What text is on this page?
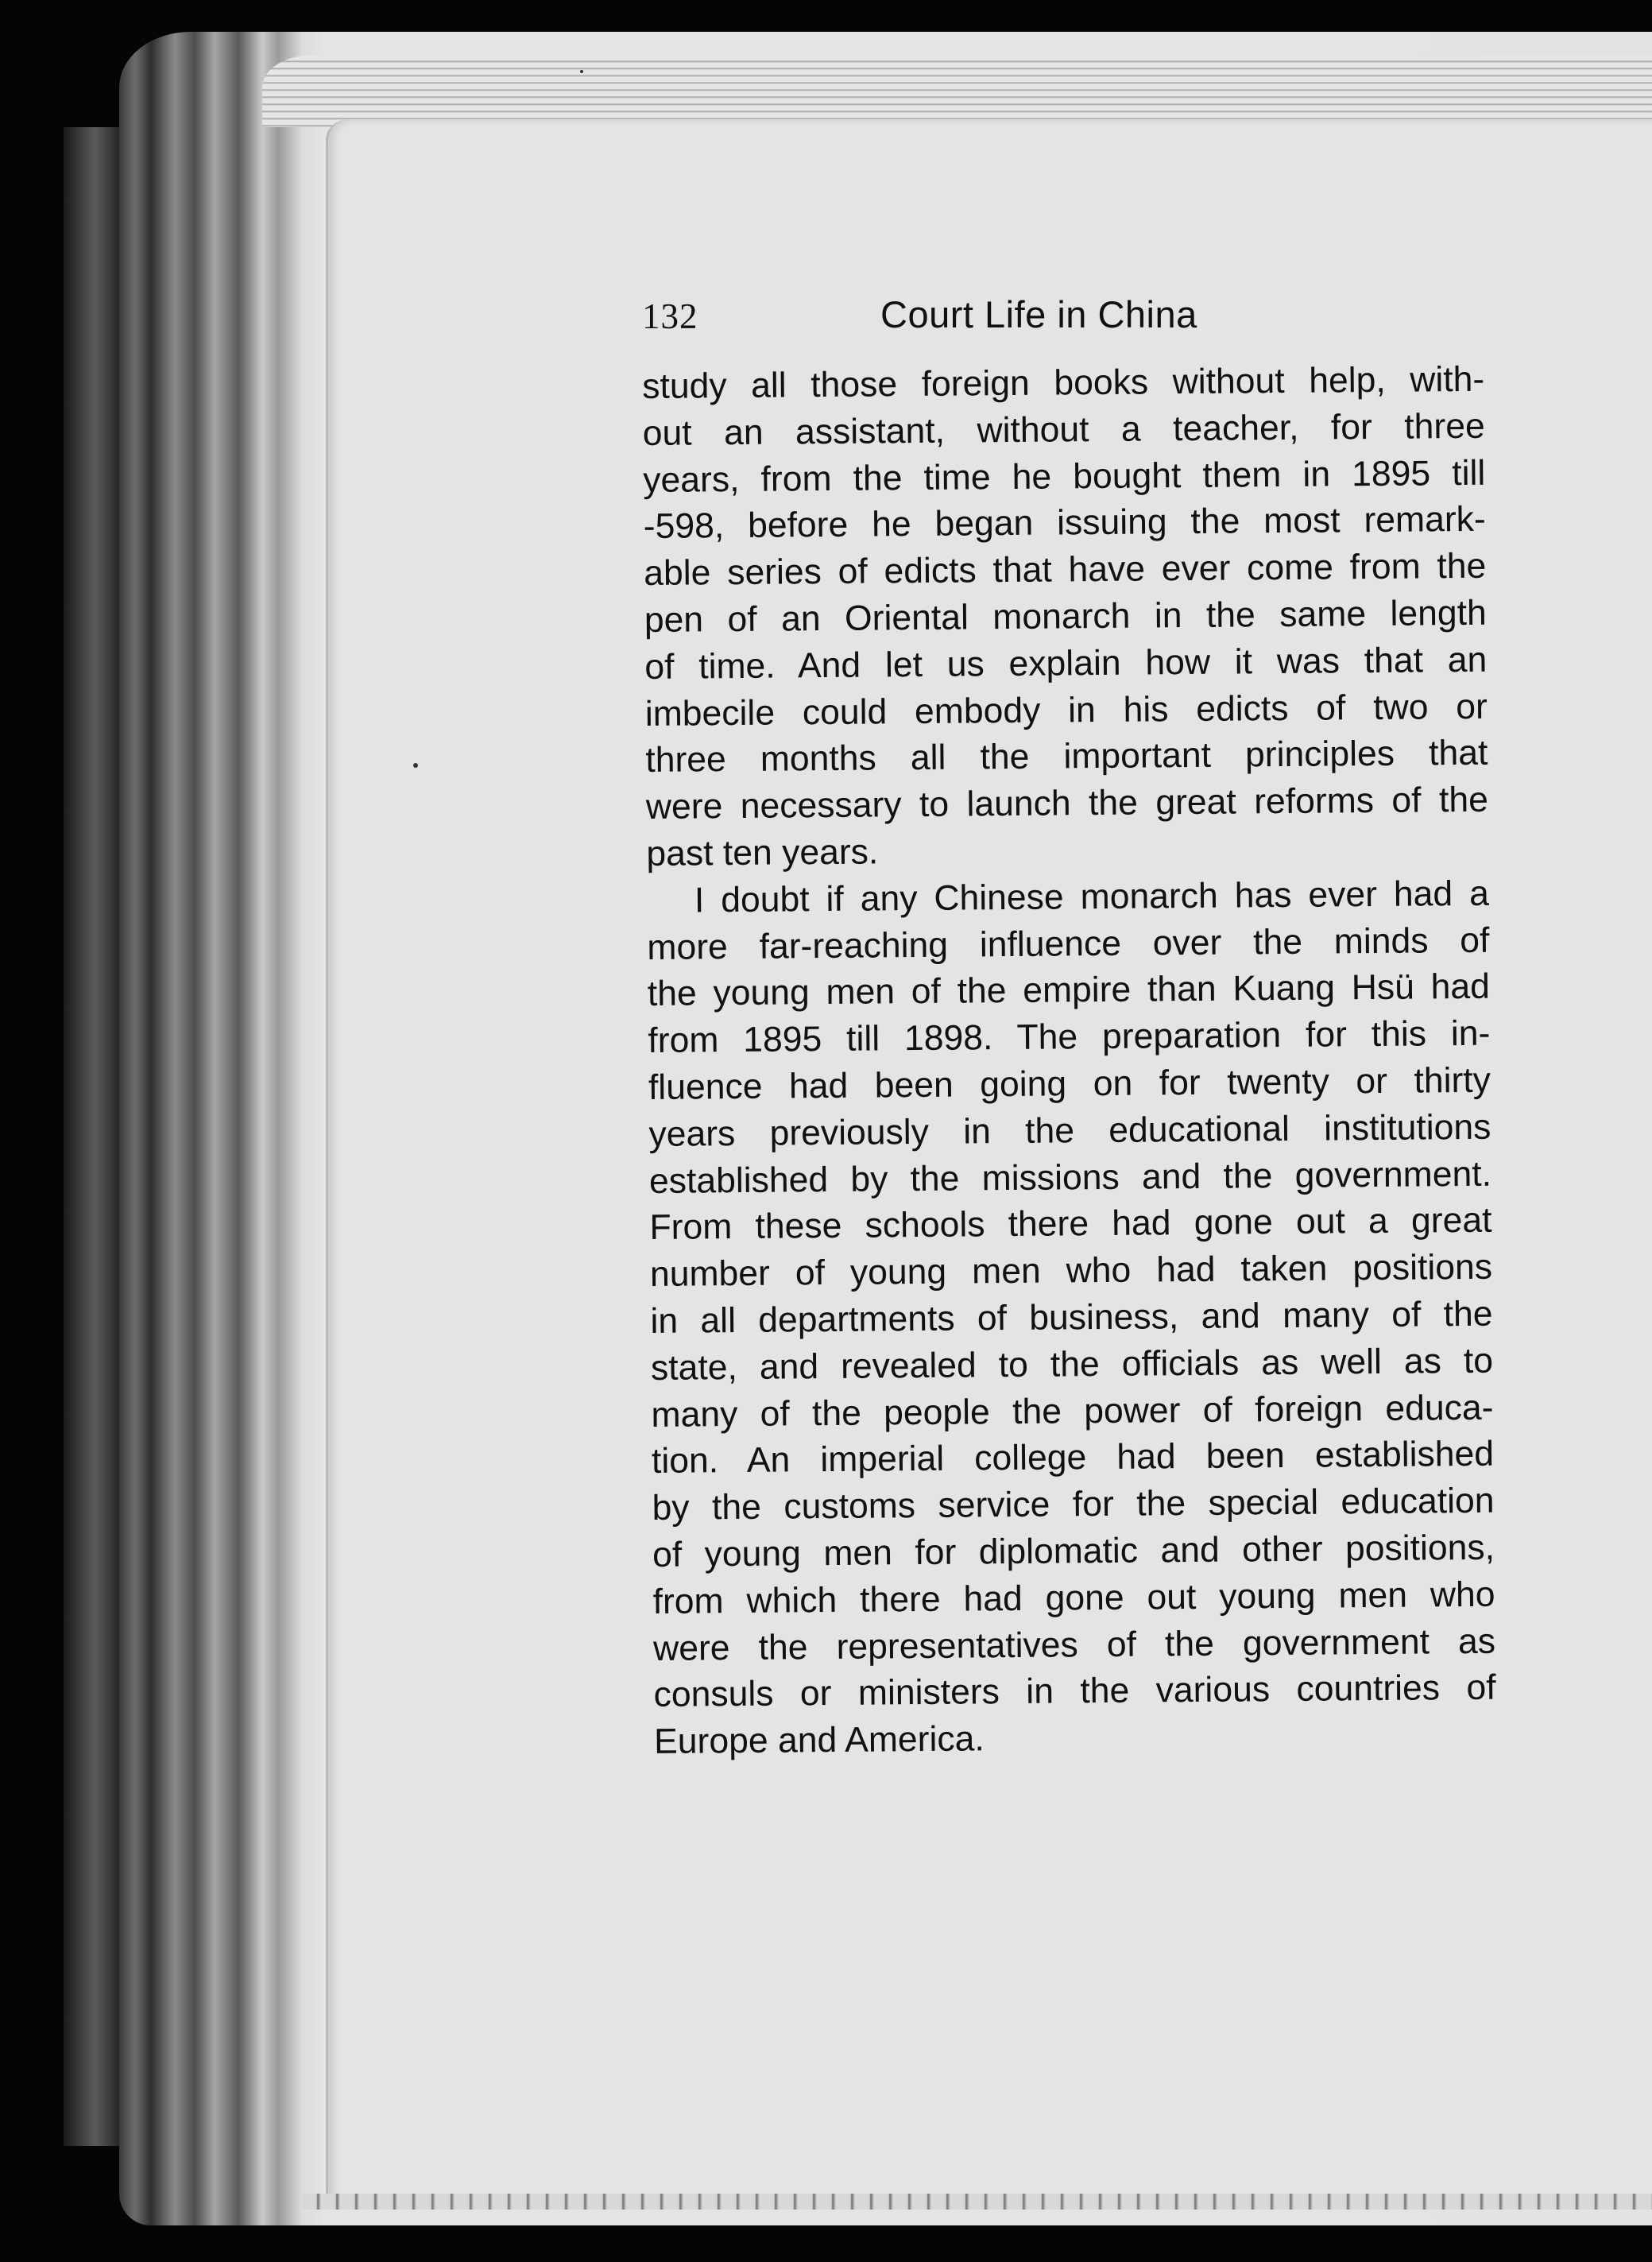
132	Court Life in China
study all those foreign books without help, with-
out an assistant, without a teacher, for three
years, from the time he bought them in 1895 till
-598, before he began issuing the most remark-
able series of edicts that have ever come from the
pen of an Oriental monarch in the same length
of time. And let us explain how it was that an
imbecile could embody in his edicts of two or
three months all the important principles that
were necessary to launch the great reforms of the
past ten years.
I doubt if any Chinese monarch has ever had a
more far-reaching influence over the minds of
the young men of the empire than Kuang Hsü had
from 1895 till 1898. The preparation for this in-
fluence had been going on for twenty or thirty
years previously in the educational institutions
established by the missions and the government.
From these schools there had gone out a great
number of young men who had taken positions
in all departments of business, and many of the
state, and revealed to the officials as well as to
many of the people the power of foreign educa-
tion. An imperial college had been established
by the customs service for the special education
of young men for diplomatic and other positions,
from which there had gone out young men who
were the representatives of the government as
consuls or ministers in the various countries of
Europe and America.
